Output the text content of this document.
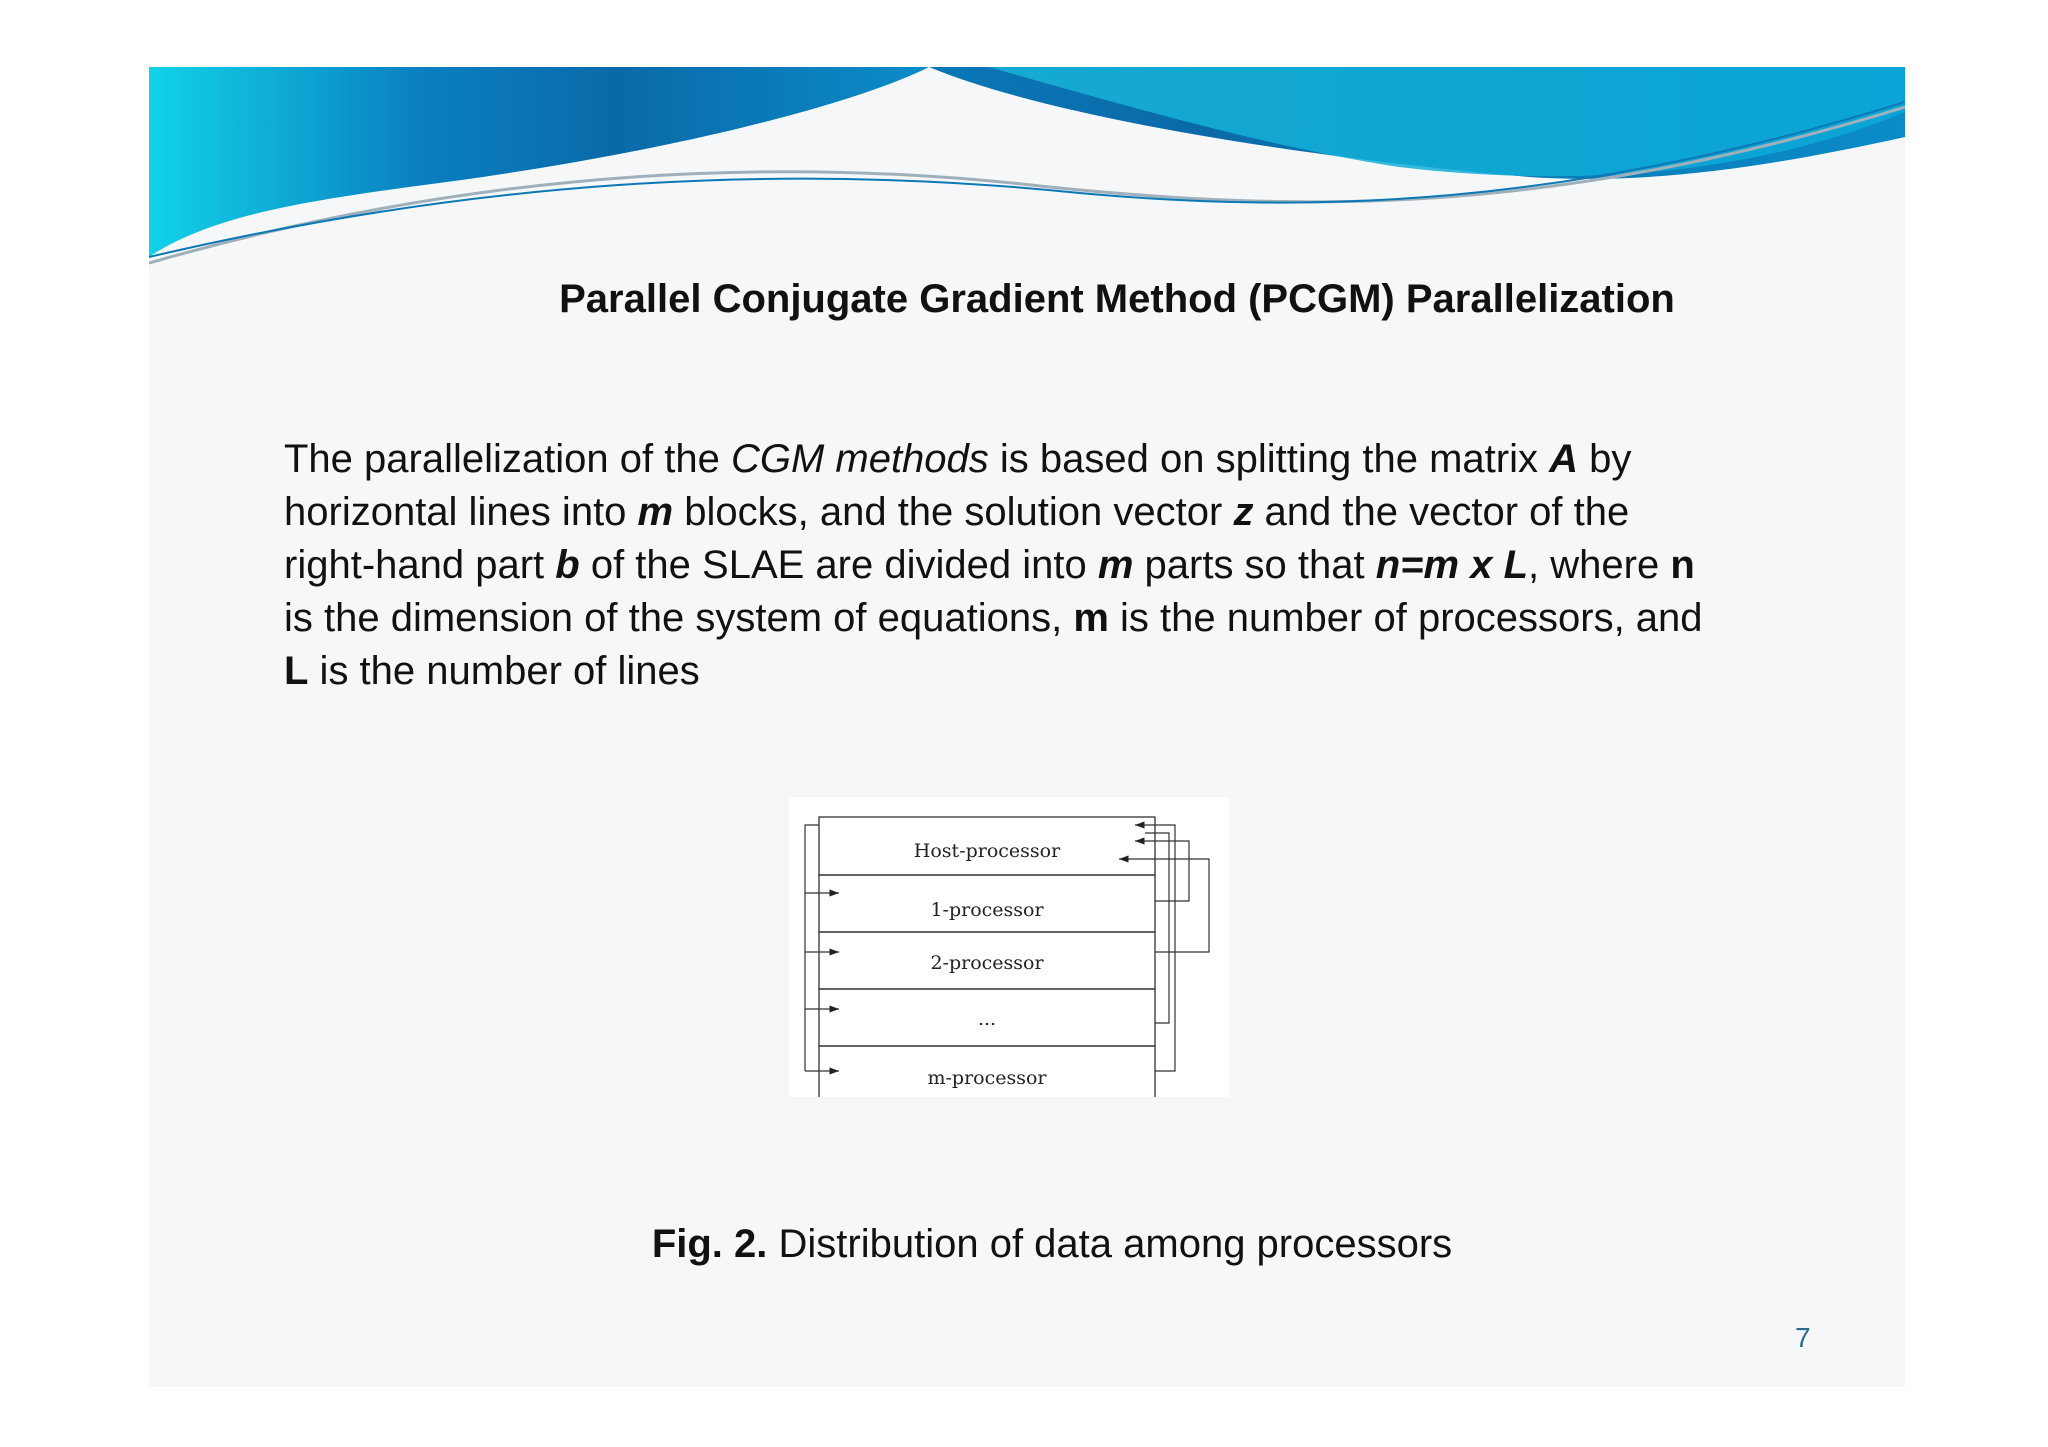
Parallel Conjugate Gradient Method (PCGM) Parallelization

The parallelization of the CGM methods is based on splitting the matrix A by horizontal lines into m blocks, and the solution vector z and the vector of the right-hand part b of the SLAE are divided into m parts so that n=m x L, where n is the dimension of the system of equations, m is the number of processors, and L is the number of lines

Host-processor
1-processor
2-processor
...
m-processor

Fig. 2. Distribution of data among processors

7
